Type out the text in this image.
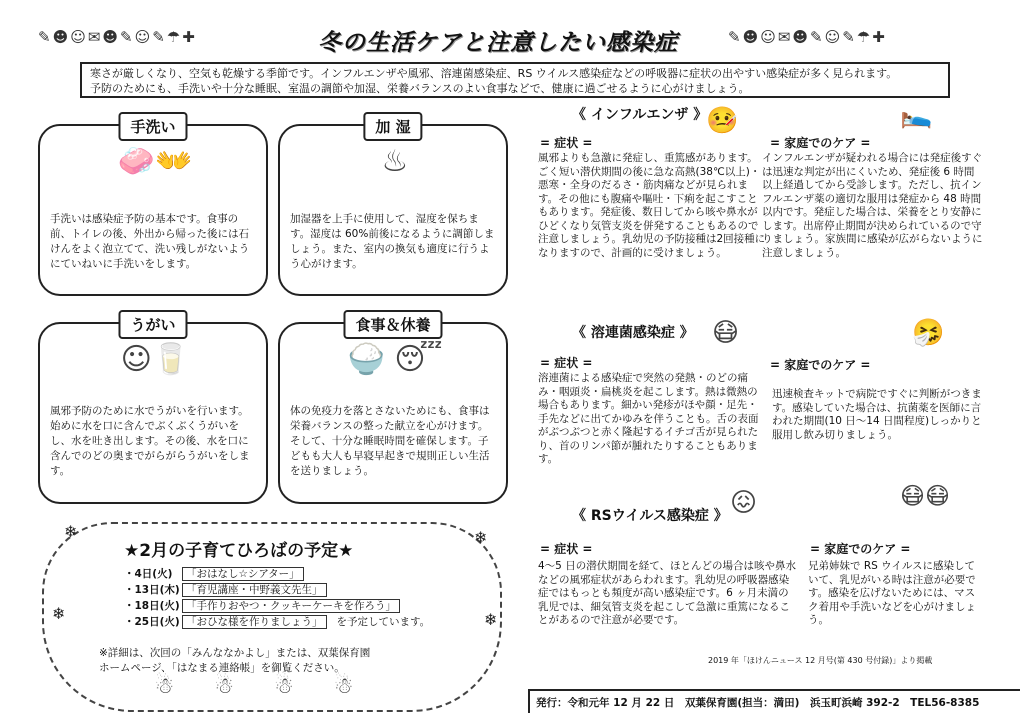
✎☻☺✉☻✎☺✎☂✚	冬の生活ケアと注意したい感染症	✎☻☺✉☻✎☺✎☂✚

寒さが厳しくなり、空気も乾燥する季節です。インフルエンザや風邪、溶連菌感染症、RS ウイルス感染症などの呼吸器に症状の出やすい感染症が多く見られます。

予防のためにも、手洗いや十分な睡眠、室温の調節や加湿、栄養バランスのよい食事などで、健康に過ごせるように心がけましょう。

手洗い
🧼👐
手洗いは感染症予防の基本です。食事の前、トイレの後、外出から帰った後には石けんをよく泡立てて、洗い残しがないようにていねいに手洗いをします。
加 湿
♨
加湿器を上手に使用して、湿度を保ちます。湿度は 60%前後になるように調節しましょう。また、室内の換気も適度に行うよう心がけます。
うがい
☺🥛
風邪予防のために水でうがいを行います。始めに水を口に含んでぶくぶくうがいをし、水を吐き出します。その後、水を口に含んでのどの奥までがらがらうがいをします。
食事＆休養
🍚 😴
体の免疫力を落とさないためにも、食事は栄養バランスの整った献立を心がけます。そして、十分な睡眠時間を確保します。子どもも大人も早寝早起きで規則正しい生活を送りましょう。
❄	❄
❄	❄
★2月の子育てひろばの予定★
・4日(火) 「おはなし☆シアター」
・13日(木) 「育児講座・中野義文先生」
・18日(火) 「手作りおやつ・クッキーケーキを作ろう」
・25日(火) 「おひな様を作りましょう」 を予定しています。
※詳細は、次回の「みんななかよし」または、双葉保育園
ホームページ、「はなまる連絡帳」を御覧ください。
☃☃☃☃
《 インフルエンザ 》
= 症状 =
風邪よりも急激に発症し、重篤感があります。ごく短い潜伏期間の後に急な高熱(38℃以上)・悪寒・全身のだるさ・筋肉痛などが見られます。その他にも腹痛や嘔吐・下痢を起こすこともあります。発症後、数日してから咳や鼻水がひどくなり気管支炎を併発することもあるので注意しましょう。乳幼児の予防接種は2回接種になりますので、計画的に受けましょう。
🤒
= 家庭でのケア =
インフルエンザが疑われる場合には発症後すぐは迅速な判定が出にくいため、発症後 6 時間以上経過してから受診します。ただし、抗インフルエンザ薬の適切な服用は発症から 48 時間以内です。発症した場合は、栄養をとり安静にします。出席停止期間が決められているので守りましょう。家族間に感染が広がらないように注意しましょう。
🛌
《 溶連菌感染症 》
= 症状 =
溶連菌による感染症で突然の発熱・のどの痛み・咽頭炎・扁桃炎を起こします。熱は微熱の場合もあります。細かい発疹がほや顔・足先・手先などに出てかゆみを伴うことも。舌の表面がぶつぶつと赤く隆起するイチゴ舌が見られたり、首のリンパ節が腫れたりすることもあります。
😷
= 家庭でのケア =
迅速検査キットで病院ですぐに判断がつきます。感染していた場合は、抗菌薬を医師に言われた期間(10 日〜14 日間程度)しっかりと服用し飲み切りましょう。
🤧
《 RSウイルス感染症 》
= 症状 =
4〜5 日の潜伏期間を経て、ほとんどの場合は咳や鼻水などの風邪症状があらわれます。乳幼児の呼吸器感染症ではもっとも頻度が高い感染症です。6 ヶ月未満の乳児では、細気管支炎を起こして急激に重篤になることがあるので注意が必要です。
😖
= 家庭でのケア =
兄弟姉妹で RS ウイルスに感染していて、乳児がいる時は注意が必要です。感染を広げないためには、マスク着用や手洗いなどを心がけましょう。
😷😷
2019 年「ほけんニュース 12 月号(第 430 号付録)」より掲載
発行：令和元年 12 月 22 日　双葉保育園(担当：満田)　浜玉町浜崎 392-2　TEL56-8385
